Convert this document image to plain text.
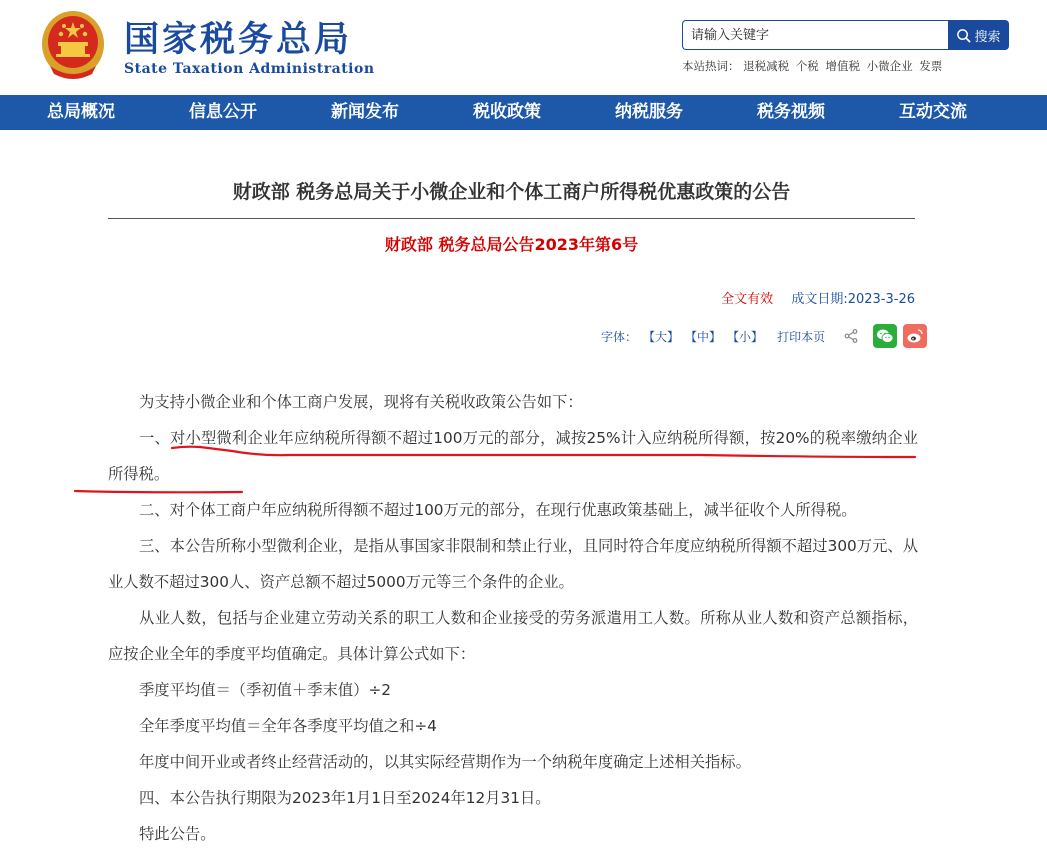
国家税务总局
State Taxation Administration
请输入关键字
搜索
本站热词： 退税减税 个税 增值税 小微企业 发票
总局概况	信息公开	新闻发布	税收政策	纳税服务	税务视频	互动交流
财政部 税务总局关于小微企业和个体工商户所得税优惠政策的公告
财政部 税务总局公告2023年第6号
全文有效 成文日期:2023-3-26
字体： 【大】 【中】 【小】 打印本页

为支持小微企业和个体工商户发展，现将有关税收政策公告如下：

一、对小型微利企业年应纳税所得额不超过100万元的部分，减按25%计入应纳税所得额，按20%的税率缴纳企业所得税。

二、对个体工商户年应纳税所得额不超过100万元的部分，在现行优惠政策基础上，减半征收个人所得税。

三、本公告所称小型微利企业，是指从事国家非限制和禁止行业，且同时符合年度应纳税所得额不超过300万元、从业人数不超过300人、资产总额不超过5000万元等三个条件的企业。

从业人数，包括与企业建立劳动关系的职工人数和企业接受的劳务派遣用工人数。所称从业人数和资产总额指标，应按企业全年的季度平均值确定。具体计算公式如下：

季度平均值＝（季初值＋季末值）÷2

全年季度平均值＝全年各季度平均值之和÷4

年度中间开业或者终止经营活动的，以其实际经营期作为一个纳税年度确定上述相关指标。

四、本公告执行期限为2023年1月1日至2024年12月31日。

特此公告。
